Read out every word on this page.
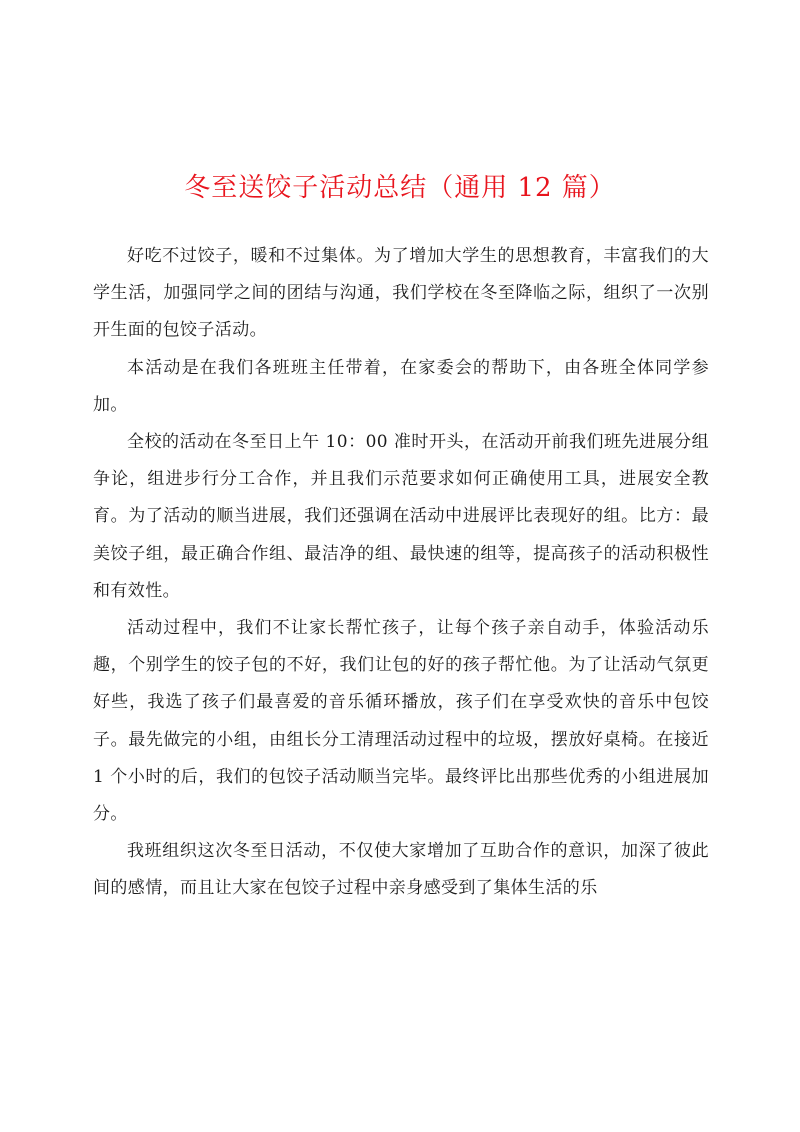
冬至送饺子活动总结（通用 12 篇）

好吃不过饺子，暖和不过集体。为了增加大学生的思想教育，丰富我们的大学生活，加强同学之间的团结与沟通，我们学校在冬至降临之际，组织了一次别开生面的包饺子活动。

本活动是在我们各班班主任带着，在家委会的帮助下，由各班全体同学参加。

全校的活动在冬至日上午 10：00 准时开头，在活动开前我们班先进展分组争论，组进步行分工合作，并且我们示范要求如何正确使用工具，进展安全教育。为了活动的顺当进展，我们还强调在活动中进展评比表现好的组。比方：最美饺子组，最正确合作组、最洁净的组、最快速的组等，提高孩子的活动积极性和有效性。

活动过程中，我们不让家长帮忙孩子，让每个孩子亲自动手，体验活动乐趣，个别学生的饺子包的不好，我们让包的好的孩子帮忙他。为了让活动气氛更好些，我选了孩子们最喜爱的音乐循环播放，孩子们在享受欢快的音乐中包饺子。最先做完的小组，由组长分工清理活动过程中的垃圾，摆放好桌椅。在接近 1 个小时的后，我们的包饺子活动顺当完毕。最终评比出那些优秀的小组进展加分。

我班组织这次冬至日活动，不仅使大家增加了互助合作的意识，加深了彼此间的感情，而且让大家在包饺子过程中亲身感受到了集体生活的乐
